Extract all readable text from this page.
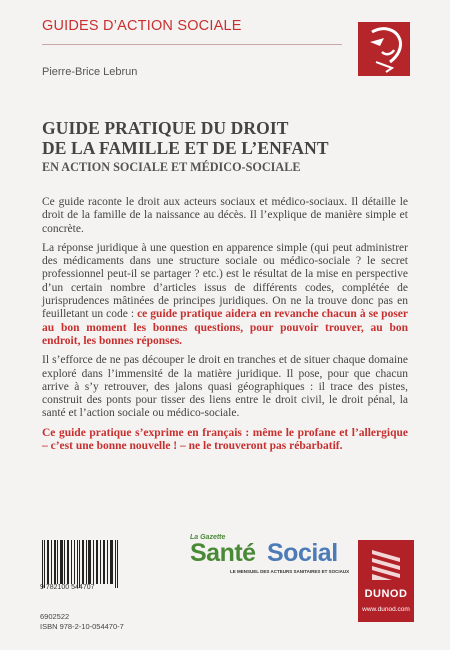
GUIDES D’ACTION SOCIALE
Pierre-Brice Lebrun
GUIDE PRATIQUE DU DROIT
DE LA FAMILLE ET DE L’ENFANT
EN ACTION SOCIALE ET MÉDICO-SOCIALE

Ce guide raconte le droit aux acteurs sociaux et médico-sociaux. Il détaille le droit de la famille de la naissance au décès. Il l’explique de manière simple et concrète.

La réponse juridique à une question en apparence simple (qui peut administrer des médicaments dans une structure sociale ou médico-sociale ? le secret professionnel peut-il se partager ? etc.) est le résultat de la mise en perspective d’un certain nombre d’articles issus de différents codes, complétée de jurisprudences mâtinées de principes juridiques. On ne la trouve donc pas en feuilletant un code : ce guide pratique aidera en revanche chacun à se poser au bon moment les bonnes questions, pour pouvoir trouver, au bon endroit, les bonnes réponses.

Il s’efforce de ne pas découper le droit en tranches et de situer chaque domaine exploré dans l’immensité de la matière juridique. Il pose, pour que chacun arrive à s’y retrouver, des jalons quasi géographiques : il trace des pistes, construit des ponts pour tisser des liens entre le droit civil, le droit pénal, la santé et l’action sociale ou médico-sociale.

Ce guide pratique s’exprime en français : même le profane et l’allergique – c’est une bonne nouvelle ! – ne le trouveront pas rébarbatif.

9 782100 544707
6902522
ISBN 978-2-10-054470-7
La Gazette
Santé Social
LE MENSUEL DES ACTEURS SANITAIRES ET SOCIAUX
DUNOD
www.dunod.com
